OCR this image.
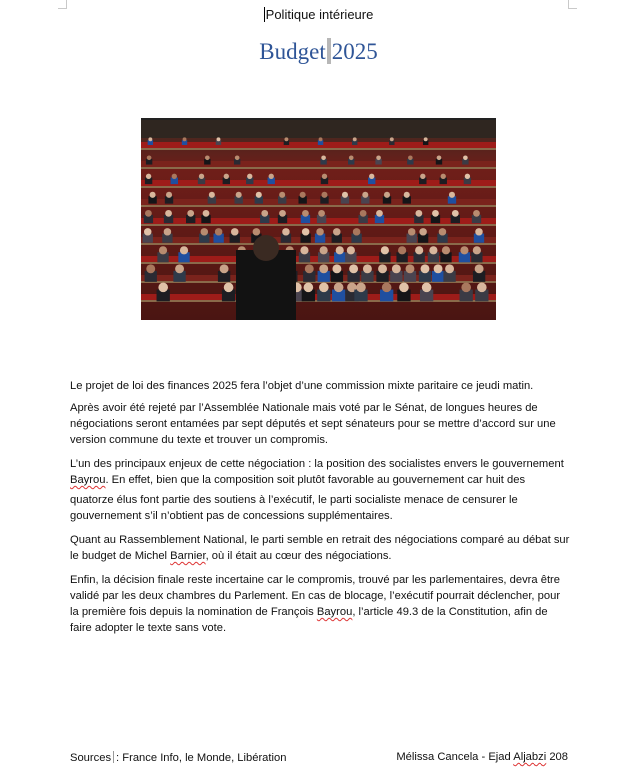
Politique intérieure
Budget 2025

Le projet de loi des finances 2025 fera l’objet d’une commission mixte paritaire ce jeudi matin.

Après avoir été rejeté par l’Assemblée Nationale mais voté par le Sénat, de longues heures de négociations seront entamées par sept députés et sept sénateurs pour se mettre d’accord sur une version commune du texte et trouver un compromis.

L’un des principaux enjeux de cette négociation : la position des socialistes envers le gouvernement Bayrou. En effet, bien que la composition soit plutôt favorable au gouvernement car huit des
quatorze élus font partie des soutiens à l’exécutif, le parti socialiste menace de censurer le gouvernement s’il n’obtient pas de concessions supplémentaires.

Quant au Rassemblement National, le parti semble en retrait des négociations comparé au débat sur le budget de Michel Barnier, où il était au cœur des négociations.

Enfin, la décision finale reste incertaine car le compromis, trouvé par les parlementaires, devra être validé par les deux chambres du Parlement. En cas de blocage, l’exécutif pourrait déclencher, pour la première fois depuis la nomination de François Bayrou, l’article 49.3 de la Constitution, afin de faire adopter le texte sans vote.

Sources : France Info, le Monde, Libération	Mélissa Cancela - Ejad Aljabzi 208
